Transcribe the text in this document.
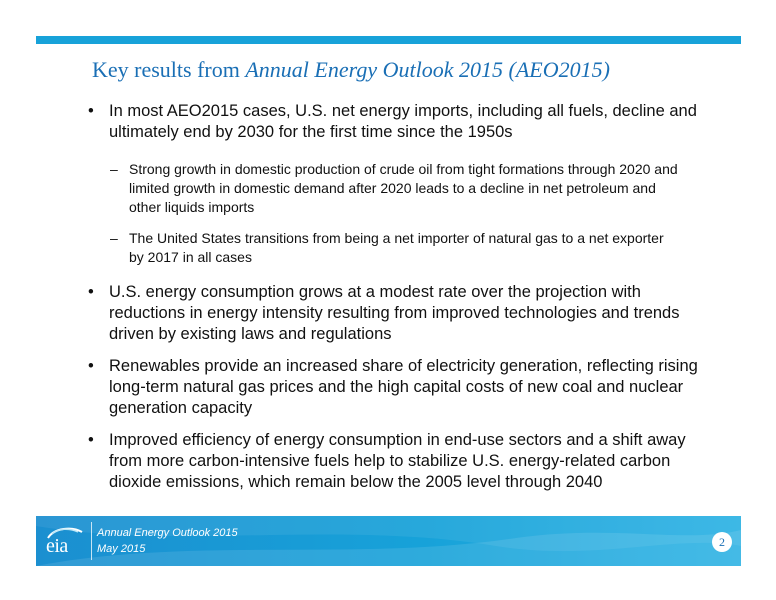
Key results from Annual Energy Outlook 2015 (AEO2015)
• In most AEO2015 cases, U.S. net energy imports, including all fuels, decline and ultimately end by 2030 for the first time since the 1950s
– Strong growth in domestic production of crude oil from tight formations through 2020 and limited growth in domestic demand after 2020 leads to a decline in net petroleum and other liquids imports
– The United States transitions from being a net importer of natural gas to a net exporter by 2017 in all cases
• U.S. energy consumption grows at a modest rate over the projection with reductions in energy intensity resulting from improved technologies and trends driven by existing laws and regulations
• Renewables provide an increased share of electricity generation, reflecting rising long-term natural gas prices and the high capital costs of new coal and nuclear generation capacity
• Improved efficiency of energy consumption in end-use sectors and a shift away from more carbon-intensive fuels help to stabilize U.S. energy-related carbon dioxide emissions, which remain below the 2005 level through 2040
eia
Annual Energy Outlook 2015
May 2015	2
